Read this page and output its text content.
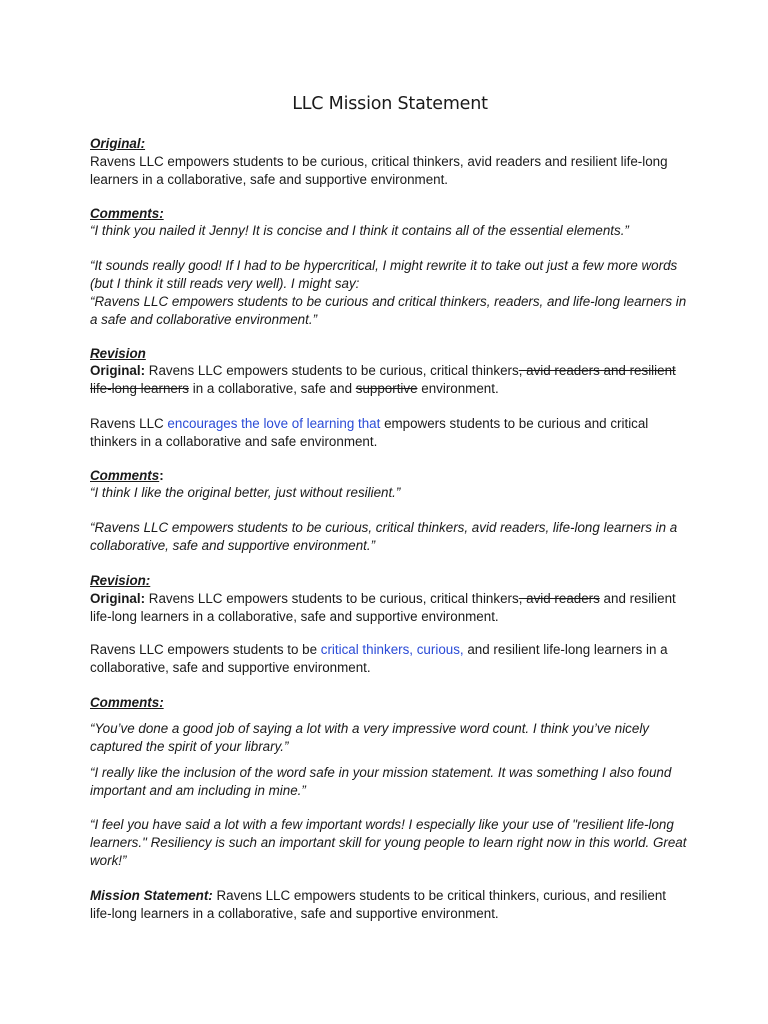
LLC Mission Statement
Original:

Ravens LLC empowers students to be curious, critical thinkers, avid readers and resilient life-long learners in a collaborative, safe and supportive environment.

Comments:

“I think you nailed it Jenny! It is concise and I think it contains all of the essential elements.”

“It sounds really good! If I had to be hypercritical, I might rewrite it to take out just a few more words (but I think it still reads very well). I might say:

“Ravens LLC empowers students to be curious and critical thinkers, readers, and life-long learners in a safe and collaborative environment.”

Revision

Original: Ravens LLC empowers students to be curious, critical thinkers, avid readers and resilient life-long learners in a collaborative, safe and supportive environment.

Ravens LLC encourages the love of learning that empowers students to be curious and critical thinkers in a collaborative and safe environment.

Comments:

“I think I like the original better, just without resilient.”

“Ravens LLC empowers students to be curious, critical thinkers, avid readers, life-long learners in a collaborative, safe and supportive environment.”

Revision:

Original: Ravens LLC empowers students to be curious, critical thinkers, avid readers and resilient life-long learners in a collaborative, safe and supportive environment.

Ravens LLC empowers students to be critical thinkers, curious, and resilient life-long learners in a collaborative, safe and supportive environment.

Comments:

“You’ve done a good job of saying a lot with a very impressive word count. I think you’ve nicely captured the spirit of your library.”

“I really like the inclusion of the word safe in your mission statement. It was something I also found important and am including in mine.”

“I feel you have said a lot with a few important words! I especially like your use of "resilient life-long learners." Resiliency is such an important skill for young people to learn right now in this world. Great work!”

Mission Statement: Ravens LLC empowers students to be critical thinkers, curious, and resilient life-long learners in a collaborative, safe and supportive environment.
